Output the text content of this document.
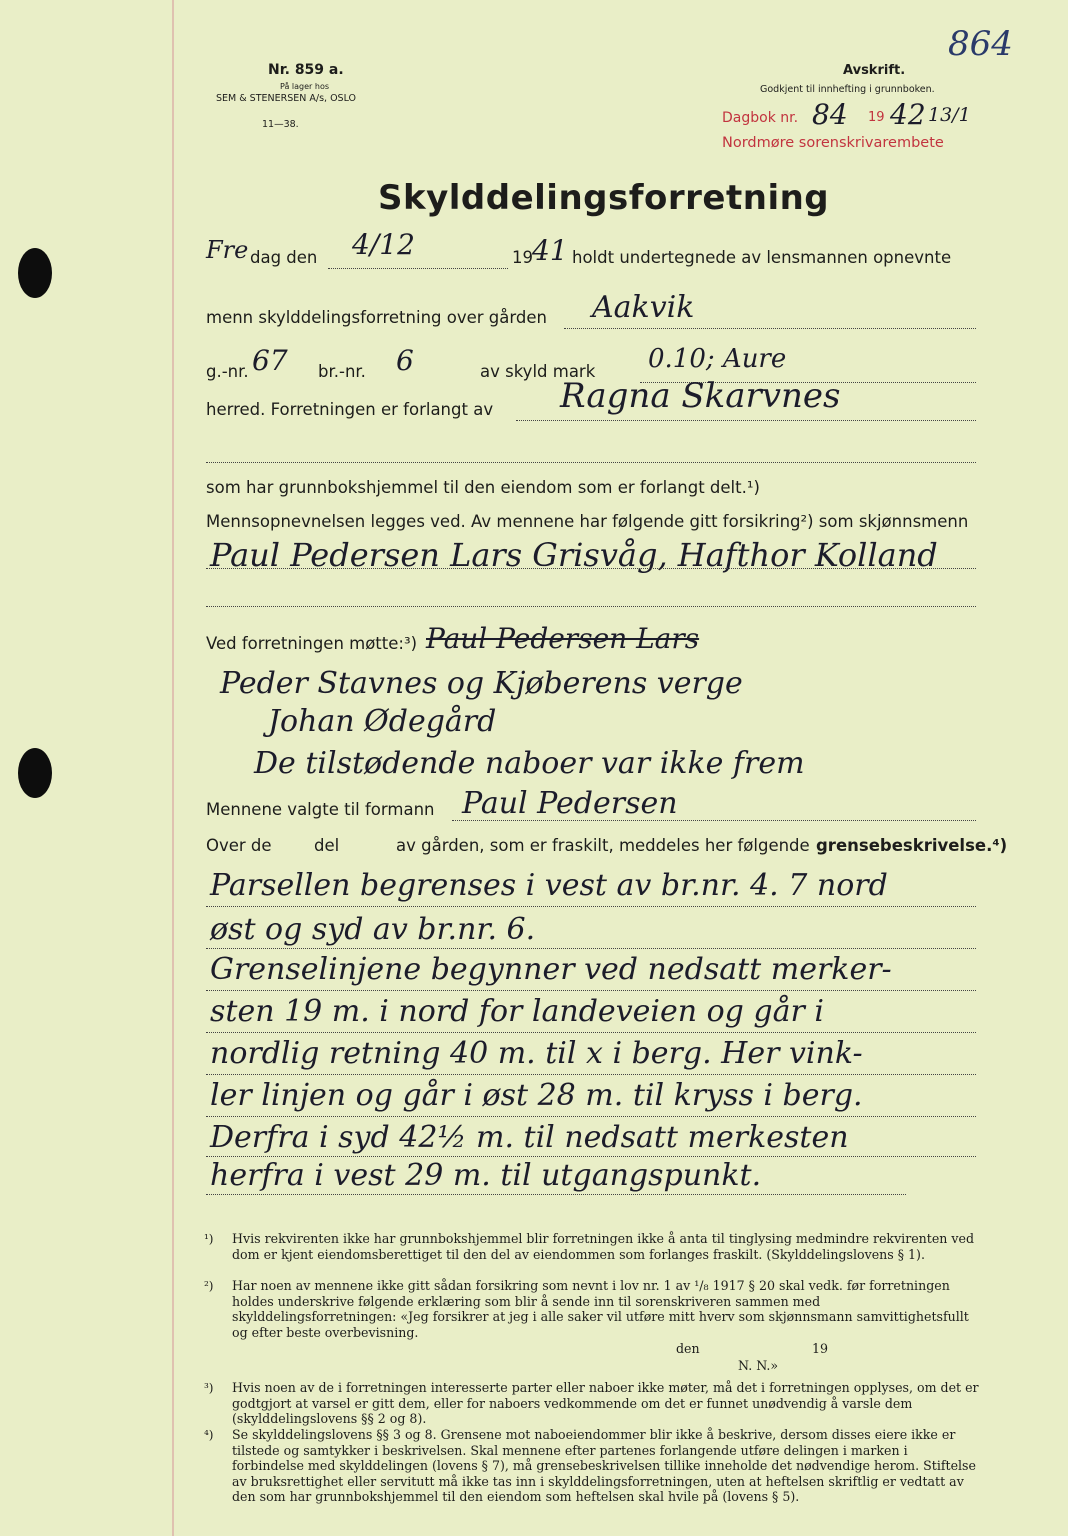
864
Nr. 859 a.
På lager hos
SEM & STENERSEN A/s, OSLO
11—38.
Avskrift.
Godkjent til innhefting i grunnboken.
Dagbok nr. 84 19 42 13/1
Nordmøre sorenskrivarembete
Skylddelingsforretning
Fre dag den 4/12	19 41 holdt undertegnede av lensmannen opnevnte
menn skylddelingsforretning over gården Aakvik
g.-nr. 67 br.-nr. 6	av skyld mark 0.10; Aure
herred. Forretningen er forlangt av Ragna Skarvnes
som har grunnbokshjemmel til den eiendom som er forlangt delt.¹)
Mennsopnevnelsen legges ved. Av mennene har følgende gitt forsikring²) som skjønnsmenn
Paul Pedersen Lars Grisvåg, Hafthor Kolland
Ved forretningen møtte:³) Paul Pedersen Lars
Peder Stavnes og Kjøberens verge
Johan Ødegård
De tilstødende naboer var ikke frem
Mennene valgte til formann Paul Pedersen
Over de	del	av gården, som er fraskilt, meddeles her følgende grensebeskrivelse.⁴)
Parsellen begrenses i vest av br.nr. 4. 7 nord
øst og syd av br.nr. 6.
Grenselinjene begynner ved nedsatt merker-
sten 19 m. i nord for landeveien og går i
nordlig retning 40 m. til x i berg. Her vink-
ler linjen og går i øst 28 m. til kryss i berg.
Derfra i syd 42½ m. til nedsatt merkesten
herfra i vest 29 m. til utgangspunkt.
¹) Hvis rekvirenten ikke har grunnbokshjemmel blir forretningen ikke å anta til tinglysing medmindre rekvirenten ved dom er kjent eiendomsberettiget til den del av eiendommen som forlanges fraskilt. (Skylddelingslovens § 1).
²) Har noen av mennene ikke gitt sådan forsikring som nevnt i lov nr. 1 av ¹/₈ 1917 § 20 skal vedk. før forretningen holdes underskrive følgende erklæring som blir å sende inn til sorenskriveren sammen med skylddelingsforretningen: «Jeg forsikrer at jeg i alle saker vil utføre mitt hverv som skjønnsmann samvittighetsfullt og efter beste overbevisning.
den	19
N. N.»
³) Hvis noen av de i forretningen interesserte parter eller naboer ikke møter, må det i forretningen opplyses, om det er godtgjort at varsel er gitt dem, eller for naboers vedkommende om det er funnet unødvendig å varsle dem (skylddelingslovens §§ 2 og 8).
⁴) Se skylddelingslovens §§ 3 og 8. Grensene mot naboeiendommer blir ikke å beskrive, dersom disses eiere ikke er tilstede og samtykker i beskrivelsen. Skal mennene efter partenes forlangende utføre delingen i marken i forbindelse med skylddelingen (lovens § 7), må grensebeskrivelsen tillike inneholde det nødvendige herom. Stiftelse av bruksrettighet eller servitutt må ikke tas inn i skylddelingsforretningen, uten at heftelsen skriftlig er vedtatt av den som har grunnbokshjemmel til den eiendom som heftelsen skal hvile på (lovens § 5).
